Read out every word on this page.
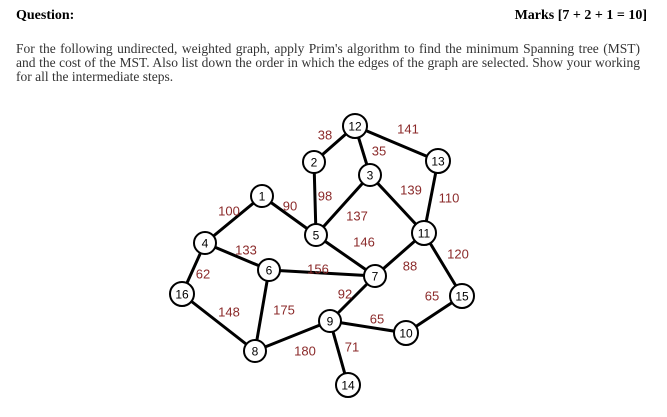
Question:	Marks [7 + 2 + 1 = 10]

For the following undirected, weighted graph, apply Prim's algorithm to find the minimum Spanning tree (MST) and the cost of the MST. Also list down the order in which the edges of the graph are selected. Show your working for all the intermediate steps.

38	141
35
98
137
139
110
100	90
133
146
156
62
88
120
92
148	175
65
65
180 71
1
2
3
4
5
6	7
8
9
10
11
12
13
14
15
16
